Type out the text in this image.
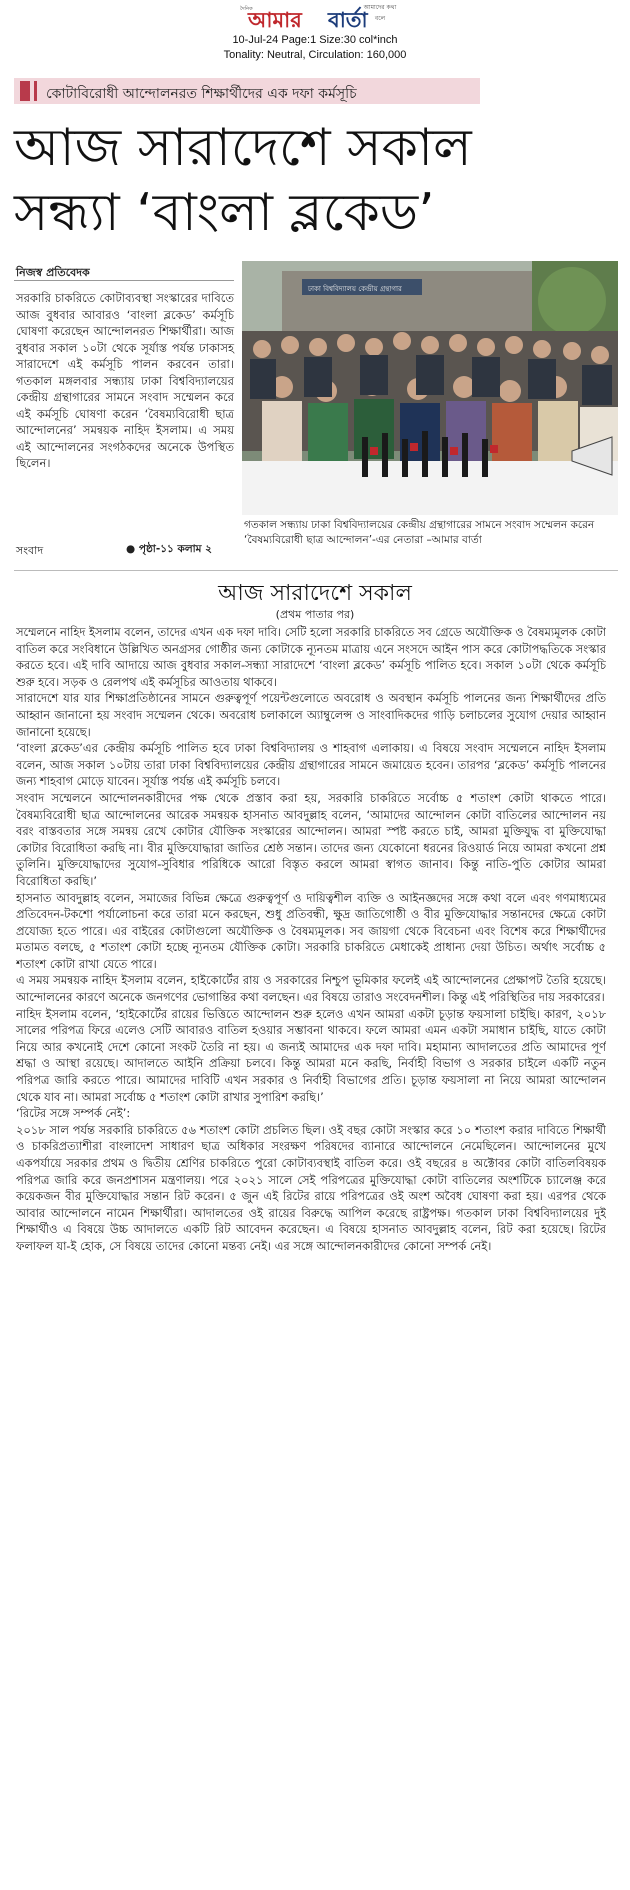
দৈনিক
আমার বার্তা
আমাদের কথা বলে
10-Jul-24 Page:1 Size:30 col*inch
Tonality: Neutral, Circulation: 160,000
কোটাবিরোধী আন্দোলনরত শিক্ষার্থীদের এক দফা কর্মসূচি
আজ সারাদেশে সকাল
সন্ধ্যা ‘বাংলা ব্লকেড’
নিজস্ব প্রতিবেদক
সরকারি চাকরিতে কোটাব্যবস্থা সংস্কারের দাবিতে আজ বুধবার আবারও ‘বাংলা ব্লকেড’ কর্মসূচি ঘোষণা করেছেন আন্দোলনরত শিক্ষার্থীরা। আজ বুধবার সকাল ১০টা থেকে সূর্যাস্ত পর্যন্ত ঢাকাসহ সারাদেশে এই কর্মসূচি পালন করবেন তারা। গতকাল মঙ্গলবার সন্ধ্যায় ঢাকা বিশ্ববিদ্যালয়ের কেন্দ্রীয় গ্রন্থাগারের সামনে সংবাদ সম্মেলন করে এই কর্মসূচি ঘোষণা করেন ‘বৈষম্যবিরোধী ছাত্র আন্দোলনের’ সমন্বয়ক নাহিদ ইসলাম। এ সময় এই আন্দোলনের সংগঠকদের অনেকে উপস্থিত ছিলেন।
সংবাদ	● পৃষ্ঠা-১১ কলাম ২
ঢাকা বিশ্ববিদ্যালয় কেন্দ্রীয় গ্রন্থাগার
গতকাল সন্ধ্যায় ঢাকা বিশ্ববিদ্যালয়ের কেন্দ্রীয় গ্রন্থাগারের সামনে সংবাদ সম্মেলন করেন ‘বৈষম্যবিরোধী ছাত্র আন্দোলন’-এর নেতারা –আমার বার্তা
আজ সারাদেশে সকাল
(প্রথম পাতার পর)

সম্মেলনে নাহিদ ইসলাম বলেন, তাদের এখন এক দফা দাবি। সেটি হলো সরকারি চাকরিতে সব গ্রেডে অযৌক্তিক ও বৈষম্যমূলক কোটা বাতিল করে সংবিধানে উল্লিখিত অনগ্রসর গোষ্ঠীর জন্য কোটাকে ন্যূনতম মাত্রায় এনে সংসদে আইন পাস করে কোটাপদ্ধতিকে সংস্কার করতে হবে। এই দাবি আদায়ে আজ বুধবার সকাল-সন্ধ্যা সারাদেশে ‘বাংলা ব্লকেড’ কর্মসূচি পালিত হবে। সকাল ১০টা থেকে কর্মসূচি শুরু হবে। সড়ক ও রেলপথ এই কর্মসূচির আওতায় থাকবে।

সারাদেশে যার যার শিক্ষাপ্রতিষ্ঠানের সামনে গুরুত্বপূর্ণ পয়েন্টগুলোতে অবরোধ ও অবস্থান কর্মসূচি পালনের জন্য শিক্ষার্থীদের প্রতি আহ্বান জানানো হয় সংবাদ সম্মেলন থেকে। অবরোধ চলাকালে অ্যাম্বুলেন্স ও সাংবাদিকদের গাড়ি চলাচলের সুযোগ দেয়ার আহ্বান জানানো হয়েছে।

‘বাংলা ব্লকেড’এর কেন্দ্রীয় কর্মসূচি পালিত হবে ঢাকা বিশ্ববিদ্যালয় ও শাহবাগ এলাকায়। এ বিষয়ে সংবাদ সম্মেলনে নাহিদ ইসলাম বলেন, আজ সকাল ১০টায় তারা ঢাকা বিশ্ববিদ্যালয়ের কেন্দ্রীয় গ্রন্থাগারের সামনে জমায়েত হবেন। তারপর ‘ব্লকেড’ কর্মসূচি পালনের জন্য শাহবাগ মোড়ে যাবেন। সূর্যাস্ত পর্যন্ত এই কর্মসূচি চলবে।

সংবাদ সম্মেলনে আন্দোলনকারীদের পক্ষ থেকে প্রস্তাব করা হয়, সরকারি চাকরিতে সর্বোচ্চ ৫ শতাংশ কোটা থাকতে পারে। বৈষম্যবিরোধী ছাত্র আন্দোলনের আরেক সমন্বয়ক হাসনাত আবদুল্লাহ বলেন, ‘আমাদের আন্দোলন কোটা বাতিলের আন্দোলন নয় বরং বাস্তবতার সঙ্গে সমন্বয় রেখে কোটার যৌক্তিক সংস্কারের আন্দোলন। আমরা স্পষ্ট করতে চাই, আমরা মুক্তিযুদ্ধ বা মুক্তিযোদ্ধা কোটার বিরোধিতা করছি না। বীর মুক্তিযোদ্ধারা জাতির শ্রেষ্ঠ সন্তান। তাদের জন্য যেকোনো ধরনের রিওয়ার্ড নিয়ে আমরা কখনো প্রশ্ন তুলিনি। মুক্তিযোদ্ধাদের সুযোগ-সুবিধার পরিধিকে আরো বিস্তৃত করলে আমরা স্বাগত জানাব। কিন্তু নাতি-পুতি কোটার আমরা বিরোধিতা করছি।’

হাসনাত আবদুল্লাহ বলেন, সমাজের বিভিন্ন ক্ষেত্রে গুরুত্বপূর্ণ ও দায়িত্বশীল ব্যক্তি ও আইনজ্ঞদের সঙ্গে কথা বলে এবং গণমাধ্যমের প্রতিবেদন-টকশো পর্যালোচনা করে তারা মনে করছেন, শুধু প্রতিবন্ধী, ক্ষুদ্র জাতিগোষ্ঠী ও বীর মুক্তিযোদ্ধার সন্তানদের ক্ষেত্রে কোটা প্রযোজ্য হতে পারে। এর বাইরের কোটাগুলো অযৌক্তিক ও বৈষম্যমূলক। সব জায়গা থেকে বিবেচনা এবং বিশেষ করে শিক্ষার্থীদের মতামত বলছে, ৫ শতাংশ কোটা হচ্ছে ন্যূনতম যৌক্তিক কোটা। সরকারি চাকরিতে মেধাকেই প্রাধান্য দেয়া উচিত। অর্থাৎ সর্বোচ্চ ৫ শতাংশ কোটা রাখা যেতে পারে।

এ সময় সমন্বয়ক নাহিদ ইসলাম বলেন, হাইকোর্টের রায় ও সরকারের নিশ্চুপ ভূমিকার ফলেই এই আন্দোলনের প্রেক্ষাপট তৈরি হয়েছে। আন্দোলনের কারণে অনেকে জনগণের ভোগান্তির কথা বলছেন। এর বিষয়ে তারাও সংবেদনশীল। কিন্তু এই পরিস্থিতির দায় সরকারের।

নাহিদ ইসলাম বলেন, ‘হাইকোর্টের রায়ের ভিত্তিতে আন্দোলন শুরু হলেও এখন আমরা একটা চূড়ান্ত ফয়সালা চাইছি। কারণ, ২০১৮ সালের পরিপত্র ফিরে এলেও সেটি আবারও বাতিল হওয়ার সম্ভাবনা থাকবে। ফলে আমরা এমন একটা সমাধান চাইছি, যাতে কোটা নিয়ে আর কখনোই দেশে কোনো সংকট তৈরি না হয়। এ জন্যই আমাদের এক দফা দাবি। মহামান্য আদালতের প্রতি আমাদের পূর্ণ শ্রদ্ধা ও আস্থা রয়েছে। আদালতে আইনি প্রক্রিয়া চলবে। কিন্তু আমরা মনে করছি, নির্বাহী বিভাগ ও সরকার চাইলে একটি নতুন পরিপত্র জারি করতে পারে। আমাদের দাবিটি এখন সরকার ও নির্বাহী বিভাগের প্রতি। চূড়ান্ত ফয়সালা না নিয়ে আমরা আন্দোলন থেকে যাব না। আমরা সর্বোচ্চ ৫ শতাংশ কোটা রাখার সুপারিশ করছি।’

‘রিটের সঙ্গে সম্পর্ক নেই’:

২০১৮ সাল পর্যন্ত সরকারি চাকরিতে ৫৬ শতাংশ কোটা প্রচলিত ছিল। ওই বছর কোটা সংস্কার করে ১০ শতাংশ করার দাবিতে শিক্ষার্থী ও চাকরিপ্রত্যাশীরা বাংলাদেশ সাধারণ ছাত্র অধিকার সংরক্ষণ পরিষদের ব্যানারে আন্দোলনে নেমেছিলেন। আন্দোলনের মুখে একপর্যায়ে সরকার প্রথম ও দ্বিতীয় শ্রেণির চাকরিতে পুরো কোটাব্যবস্থাই বাতিল করে। ওই বছরের ৪ অক্টোবর কোটা বাতিলবিষয়ক পরিপত্র জারি করে জনপ্রশাসন মন্ত্রণালয়। পরে ২০২১ সালে সেই পরিপত্রের মুক্তিযোদ্ধা কোটা বাতিলের অংশটিকে চ্যালেঞ্জ করে কয়েকজন বীর মুক্তিযোদ্ধার সন্তান রিট করেন। ৫ জুন এই রিটের রায়ে পরিপত্রের ওই অংশ অবৈধ ঘোষণা করা হয়। এরপর থেকে আবার আন্দোলনে নামেন শিক্ষার্থীরা। আদালতের ওই রায়ের বিরুদ্ধে আপিল করেছে রাষ্ট্রপক্ষ। গতকাল ঢাকা বিশ্ববিদ্যালয়ের দুই শিক্ষার্থীও এ বিষয়ে উচ্চ আদালতে একটি রিট আবেদন করেছেন। এ বিষয়ে হাসনাত আবদুল্লাহ বলেন, রিট করা হয়েছে। রিটের ফলাফল যা-ই হোক, সে বিষয়ে তাদের কোনো মন্তব্য নেই। এর সঙ্গে আন্দোলনকারীদের কোনো সম্পর্ক নেই।
